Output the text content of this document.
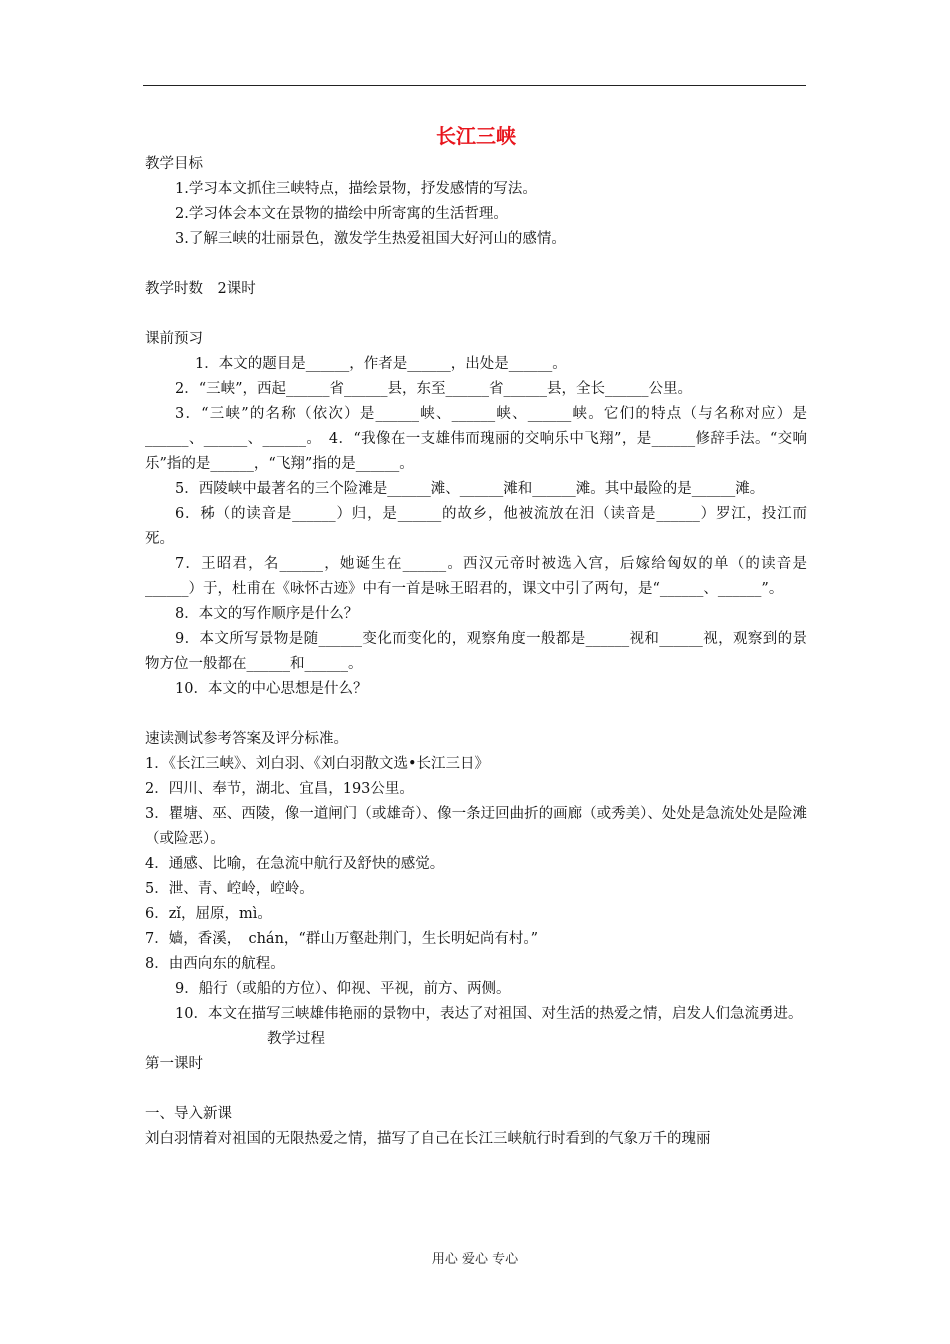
长江三峡

教学目标

1.学习本文抓住三峡特点，描绘景物，抒发感情的写法。

2.学习体会本文在景物的描绘中所寄寓的生活哲理。

3.了解三峡的壮丽景色，激发学生热爱祖国大好河山的感情。

教学时数　2课时

课前预习

1．本文的题目是______，作者是______，出处是______。

2．“三峡”，西起______省______县，东至______省______县，全长______公里。

3．“三峡”的名称（依次）是______峡、______峡、______峡。它们的特点（与名称对应）是______、______、______。　4．“我像在一支雄伟而瑰丽的交响乐中飞翔”，是______修辞手法。“交响乐”指的是______，“飞翔”指的是______。

5．西陵峡中最著名的三个险滩是______滩、______滩和______滩。其中最险的是______滩。

6．秭（的读音是______）归，是______的故乡，他被流放在汨（读音是______）罗江，投江而死。

7．王昭君，名______，她诞生在______。西汉元帝时被选入宫，后嫁给匈奴的单（的读音是______）于，杜甫在《咏怀古迹》中有一首是咏王昭君的，课文中引了两句，是“______、______”。

8．本文的写作顺序是什么？

9．本文所写景物是随______变化而变化的，观察角度一般都是______视和______视，观察到的景物方位一般都在______和______。

10．本文的中心思想是什么？

速读测试参考答案及评分标准。

1．《长江三峡》、刘白羽、《刘白羽散文选•长江三日》

2．四川、奉节，湖北、宜昌，193公里。

3．瞿塘、巫、西陵，像一道闸门（或雄奇）、像一条迂回曲折的画廊（或秀美）、处处是急流处处是险滩（或险恶）。

4．通感、比喻，在急流中航行及舒快的感觉。

5．泄、青、崆岭，崆岭。

6．zǐ，屈原，mì。

7．嫱，香溪，　chán，“群山万壑赴荆门，生长明妃尚有村。”

8．由西向东的航程。

9．船行（或船的方位）、仰视、平视，前方、两侧。

10．本文在描写三峡雄伟艳丽的景物中，表达了对祖国、对生活的热爱之情，启发人们急流勇进。

教学过程

第一课时

一、导入新课

刘白羽情着对祖国的无限热爱之情，描写了自己在长江三峡航行时看到的气象万千的瑰丽

用心 爱心 专心
